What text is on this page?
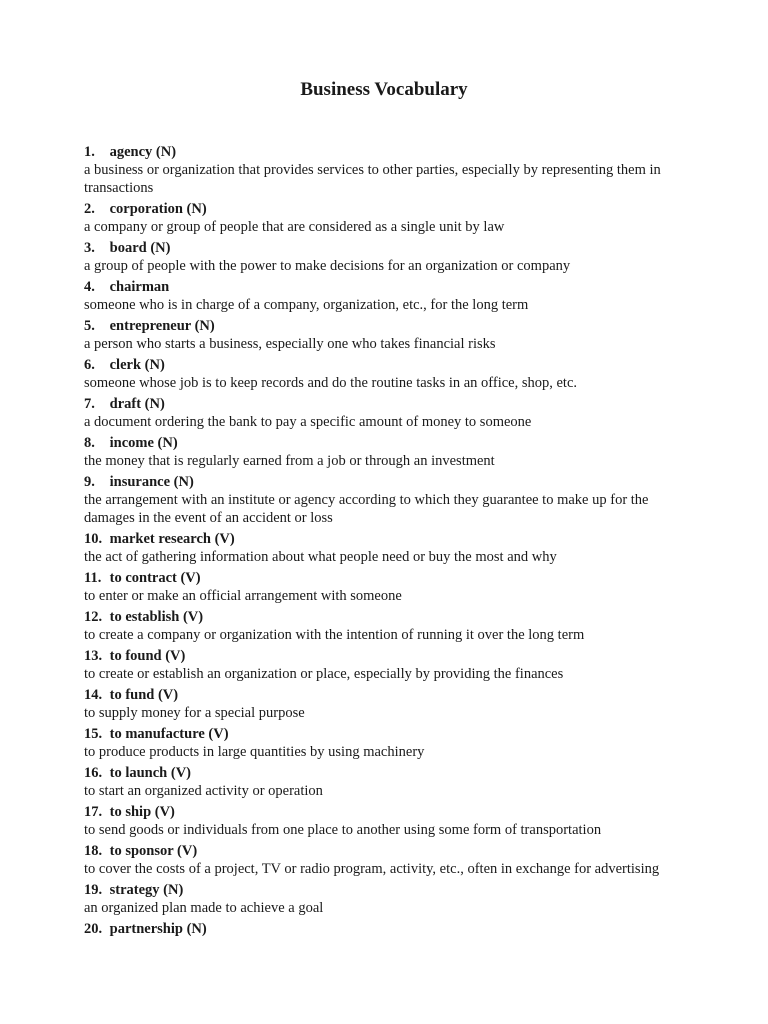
Business Vocabulary
1. agency (N)
a business or organization that provides services to other parties, especially by representing them in transactions
2. corporation (N)
a company or group of people that are considered as a single unit by law
3. board (N)
a group of people with the power to make decisions for an organization or company
4. chairman
someone who is in charge of a company, organization, etc., for the long term
5. entrepreneur (N)
a person who starts a business, especially one who takes financial risks
6. clerk (N)
someone whose job is to keep records and do the routine tasks in an office, shop, etc.
7. draft (N)
a document ordering the bank to pay a specific amount of money to someone
8. income (N)
the money that is regularly earned from a job or through an investment
9. insurance (N)
the arrangement with an institute or agency according to which they guarantee to make up for the damages in the event of an accident or loss
10. market research (V)
the act of gathering information about what people need or buy the most and why
11. to contract (V)
to enter or make an official arrangement with someone
12. to establish (V)
to create a company or organization with the intention of running it over the long term
13. to found (V)
to create or establish an organization or place, especially by providing the finances
14. to fund (V)
to supply money for a special purpose
15. to manufacture (V)
to produce products in large quantities by using machinery
16. to launch (V)
to start an organized activity or operation
17. to ship (V)
to send goods or individuals from one place to another using some form of transportation
18. to sponsor (V)
to cover the costs of a project, TV or radio program, activity, etc., often in exchange for advertising
19. strategy (N)
an organized plan made to achieve a goal
20. partnership (N)
